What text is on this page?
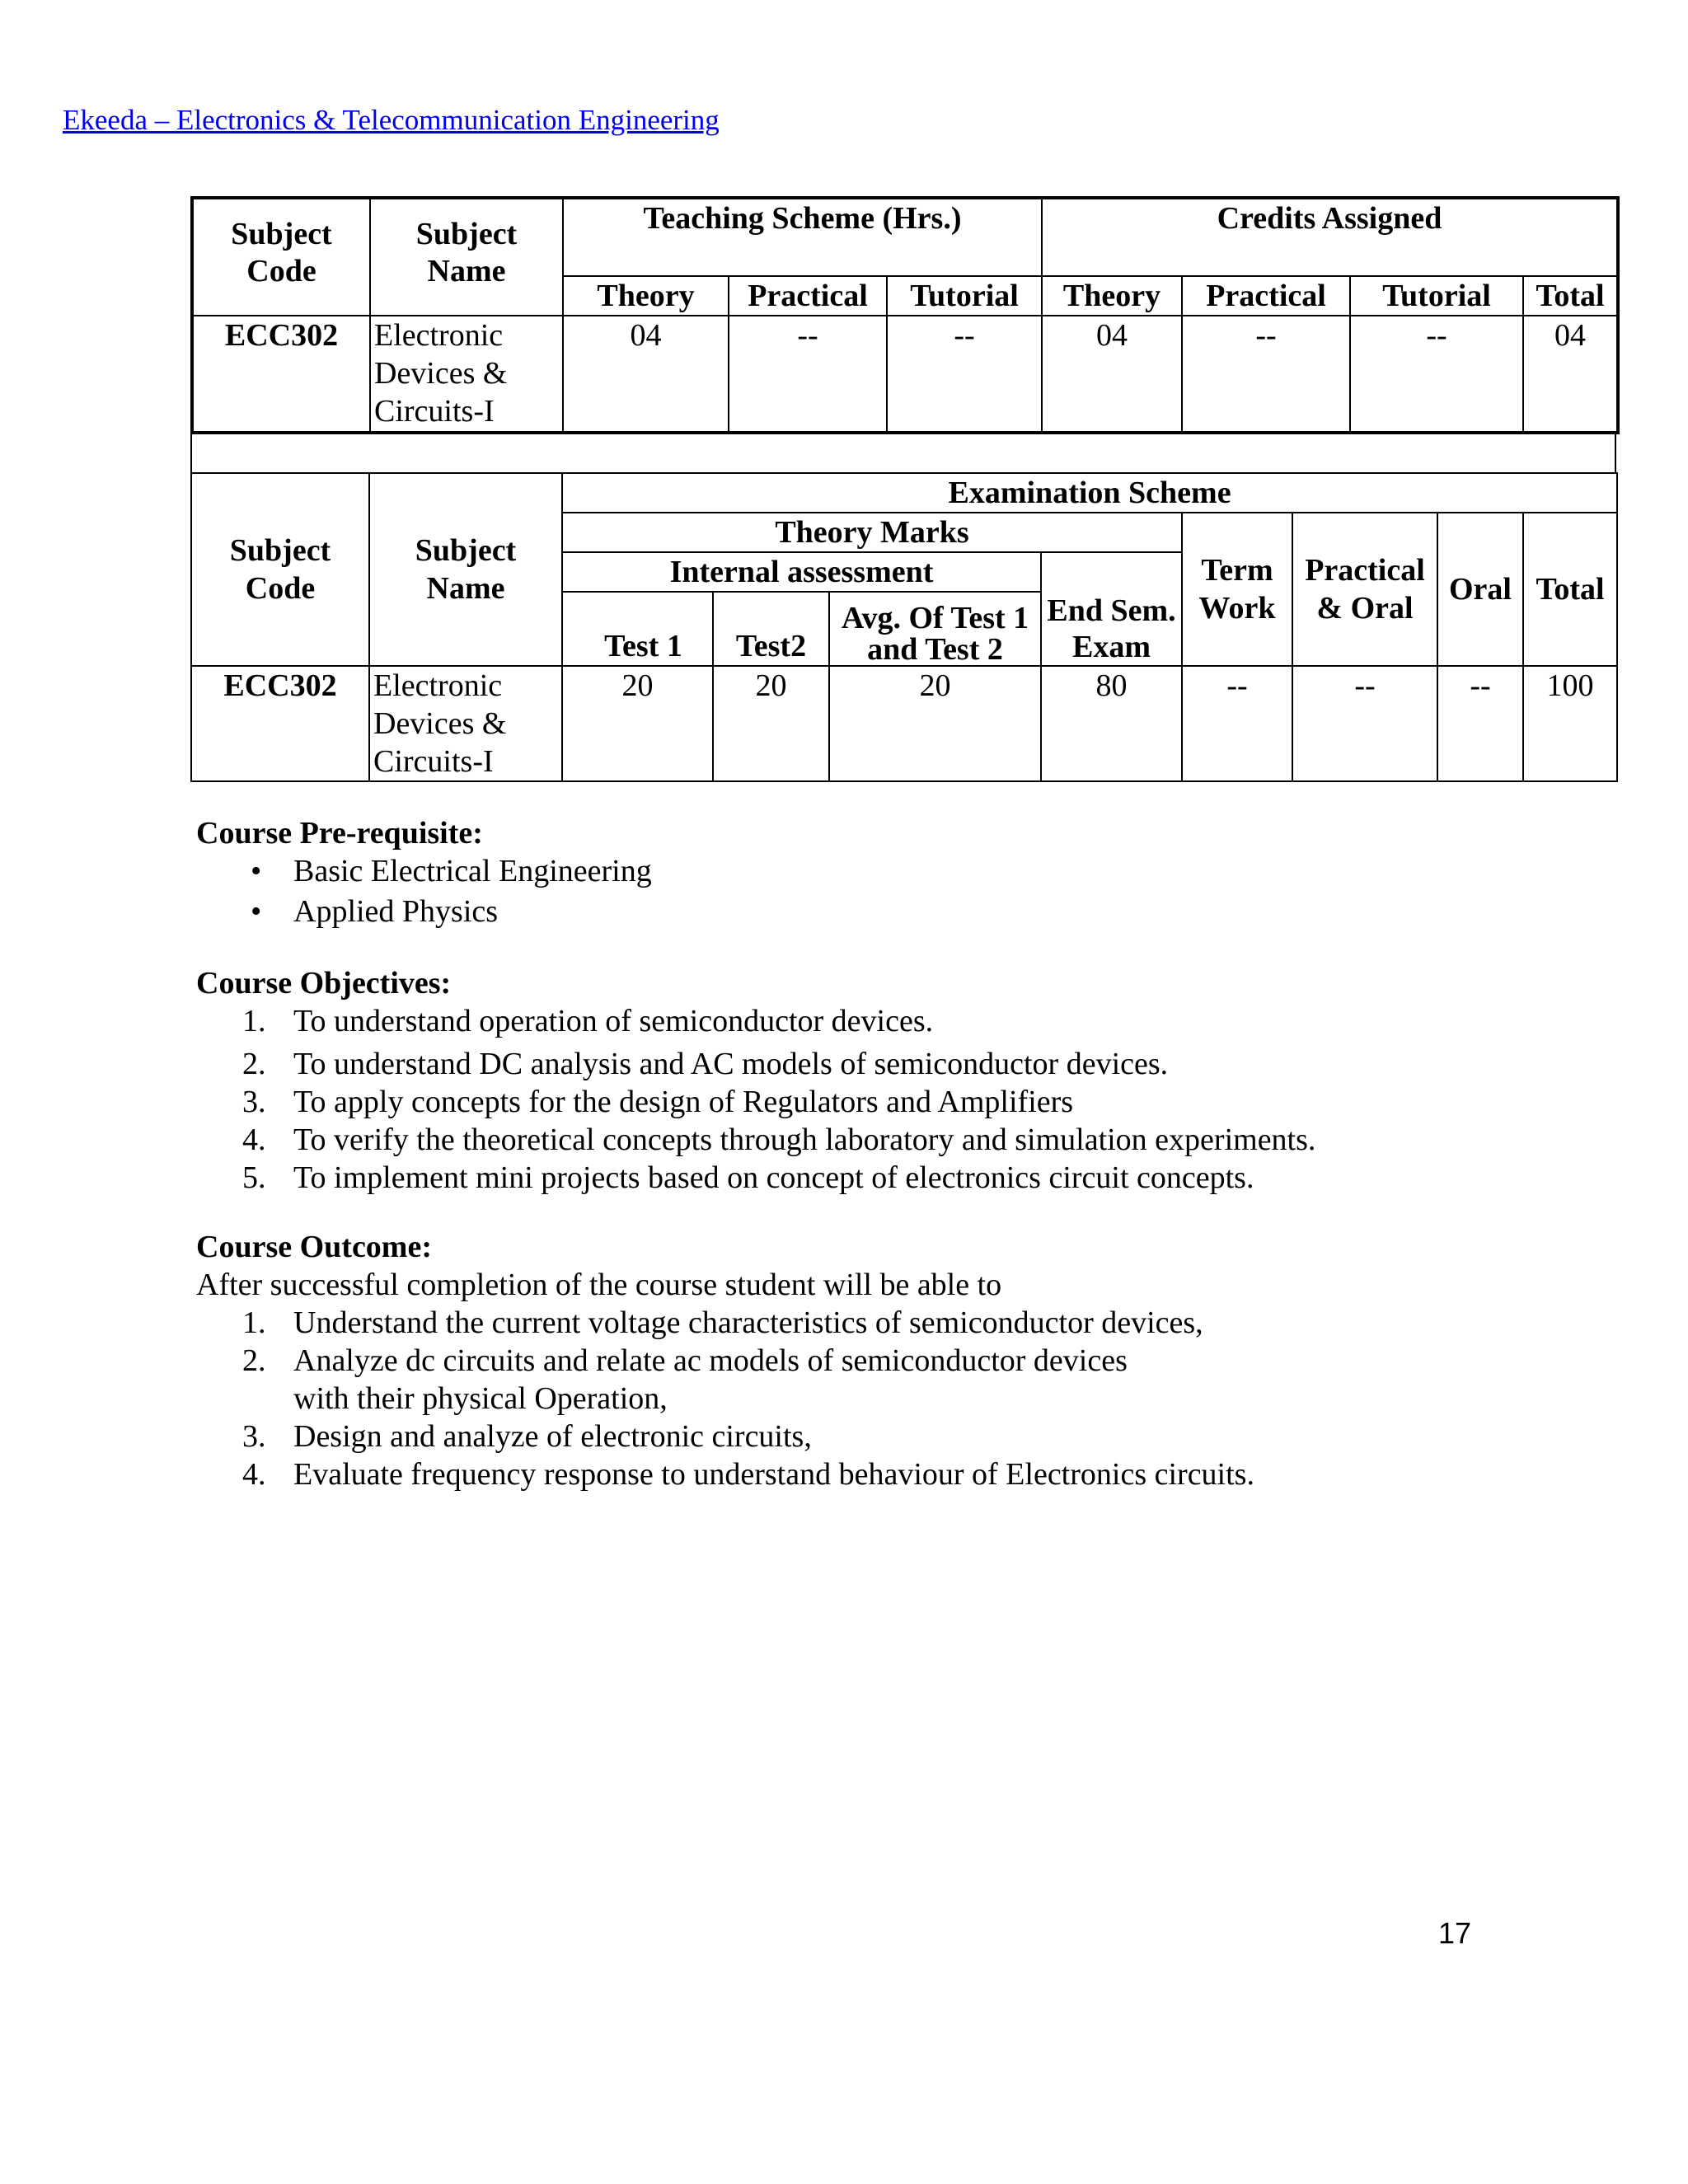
Ekeeda – Electronics & Telecommunication Engineering
Subject Code	Subject Name	Teaching Scheme (Hrs.)			Credits Assigned			
		Theory	Practical	Tutorial	Theory	Practical	Tutorial	Total
ECC302	Electronic Devices & Circuits-I	04	--	--	04	--	--	04
Subject Code	Subject Name	Examination Scheme							
		Theory Marks				Term Work	Practical & Oral	Oral	Total
		Internal assessment			End Sem. Exam				
		Test 1	Test2	Avg. Of Test 1 and Test 2					
ECC302	Electronic Devices & Circuits-I	20	20	20	80	--	--	--	100

Course Pre-requisite:

• Basic Electrical Engineering
• Applied Physics

Course Objectives:

1. To understand operation of semiconductor devices.
2. To understand DC analysis and AC models of semiconductor devices.
3. To apply concepts for the design of Regulators and Amplifiers
4. To verify the theoretical concepts through laboratory and simulation experiments.
5. To implement mini projects based on concept of electronics circuit concepts.

Course Outcome:

After successful completion of the course student will be able to

1. Understand the current voltage characteristics of semiconductor devices,
2. Analyze dc circuits and relate ac models of semiconductor devices with their physical Operation,
3. Design and analyze of electronic circuits,
4. Evaluate frequency response to understand behaviour of Electronics circuits.
17
